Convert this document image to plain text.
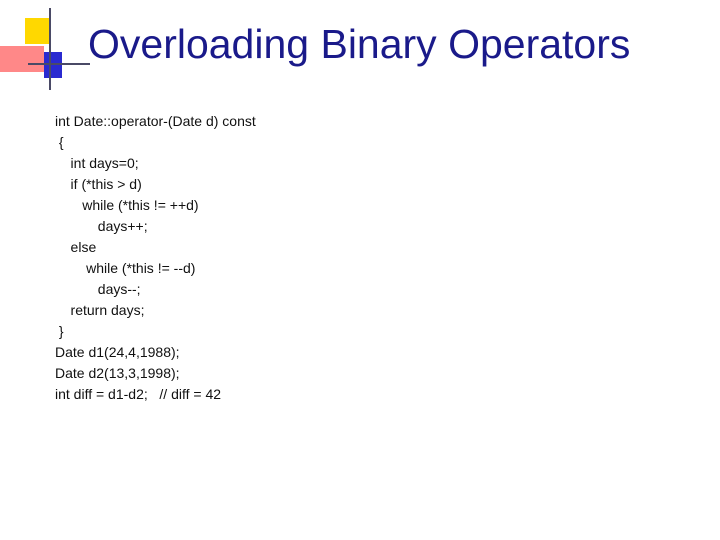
Overloading Binary Operators
int Date::operator-(Date d) const
{
int days=0;
if (*this > d)
while (*this != ++d)
days++;
else
while (*this != --d)
days--;
return days;
}
Date d1(24,4,1988);
Date d2(13,3,1998);
int diff = d1-d2;   // diff = 42
